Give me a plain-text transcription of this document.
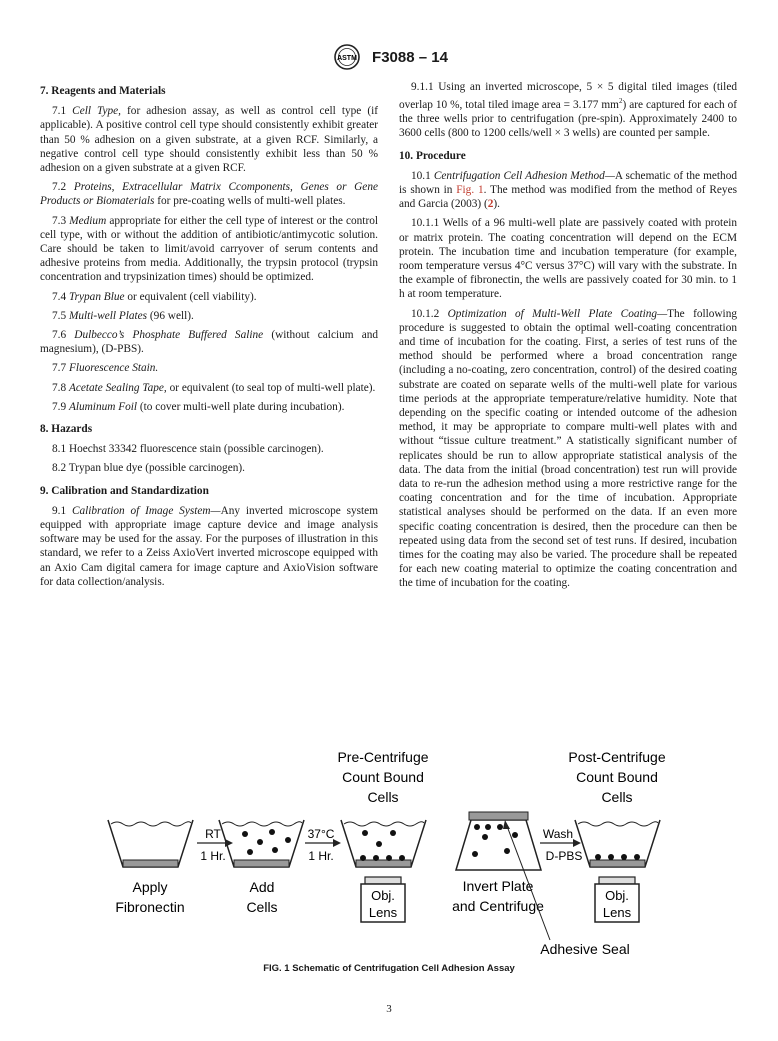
ASTM F3088 – 14
7. Reagents and Materials

7.1 Cell Type, for adhesion assay, as well as control cell type (if applicable). A positive control cell type should consistently exhibit greater than 50 % adhesion on a given substrate, at a given RCF. Similarly, a negative control cell type should consistently exhibit less than 50 % adhesion on a given substrate at a given RCF.

7.2 Proteins, Extracellular Matrix Ccomponents, Genes or Gene Products or Biomaterials for pre-coating wells of multi-well plates.

7.3 Medium appropriate for either the cell type of interest or the control cell type, with or without the addition of antibiotic/antimycotic solution. Care should be taken to limit/avoid carryover of serum contents and adhesive proteins from media. Additionally, the trypsin protocol (trypsin concentration and trypsinization times) should be optimized.

7.4 Trypan Blue or equivalent (cell viability).

7.5 Multi-well Plates (96 well).

7.6 Dulbecco’s Phosphate Buffered Saline (without calcium and magnesium), (D-PBS).

7.7 Fluorescence Stain.

7.8 Acetate Sealing Tape, or equivalent (to seal top of multi-well plate).

7.9 Aluminum Foil (to cover multi-well plate during incubation).

8. Hazards

8.1 Hoechst 33342 fluorescence stain (possible carcinogen).

8.2 Trypan blue dye (possible carcinogen).

9. Calibration and Standardization

9.1 Calibration of Image System—Any inverted microscope system equipped with appropriate image capture device and image analysis software may be used for the assay. For the purposes of illustration in this standard, we refer to a Zeiss AxioVert inverted microscope equipped with an Axio Cam digital camera for image capture and AxioVision software for data collection/analysis.

9.1.1 Using an inverted microscope, 5 × 5 digital tiled images (tiled overlap 10 %, total tiled image area = 3.177 $mm^2$) are captured for each of the three wells prior to centrifugation (pre-spin). Approximately 2400 to 3600 cells (800 to 1200 cells/well × 3 wells) are counted per sample.

10. Procedure

10.1 Centrifugation Cell Adhesion Method—A schematic of the method is shown in Fig. 1. The method was modified from the method of Reyes and Garcia (2003) (2).

10.1.1 Wells of a 96 multi-well plate are passively coated with protein or matrix protein. The coating concentration will depend on the ECM protein. The incubation time and incubation temperature (for example, room temperature versus 4°C versus 37°C) will vary with the substrate. In the example of fibronectin, the wells are passively coated for 30 min. to 1 h at room temperature.

10.1.2 Optimization of Multi-Well Plate Coating—The following procedure is suggested to obtain the optimal well-coating concentration and time of incubation for the coating. First, a series of test runs of the method should be performed where a broad concentration range (including a no-coating, zero concentration, control) of the desired coating substrate are coated on separate wells of the multi-well plate for various time periods at the appropriate temperature/relative humidity. Note that depending on the specific coating or intended outcome of the adhesion method, it may be appropriate to compare multi-well plates with and without “tissue culture treatment.” A statistically significant number of replicates should be run to allow appropriate statistical analysis of the data. The data from the initial (broad concentration) test run will provide data to re-run the adhesion method using a more restrictive range for the coating concentration and for the time of incubation. Appropriate statistical analyses should be performed on the data. If an even more specific coating concentration is desired, then the procedure can then be repeated using data from the second set of test runs. If desired, incubation times for the coating may also be varied. The procedure shall be repeated for each new coating material to optimize the coating concentration and the time of incubation for the coating.

Pre-Centrifuge
Count Bound
Cells
Post-Centrifuge
Count Bound
Cells
RT
1 Hr.
37°C
1 Hr.
Obj.
Lens
Invert Plate
and Centrifuge
Adhesive Seal
Wash
D-PBS
Obj.
Lens
Apply
Fibronectin
Add
Cells
FIG. 1 Schematic of Centrifugation Cell Adhesion Assay
3
